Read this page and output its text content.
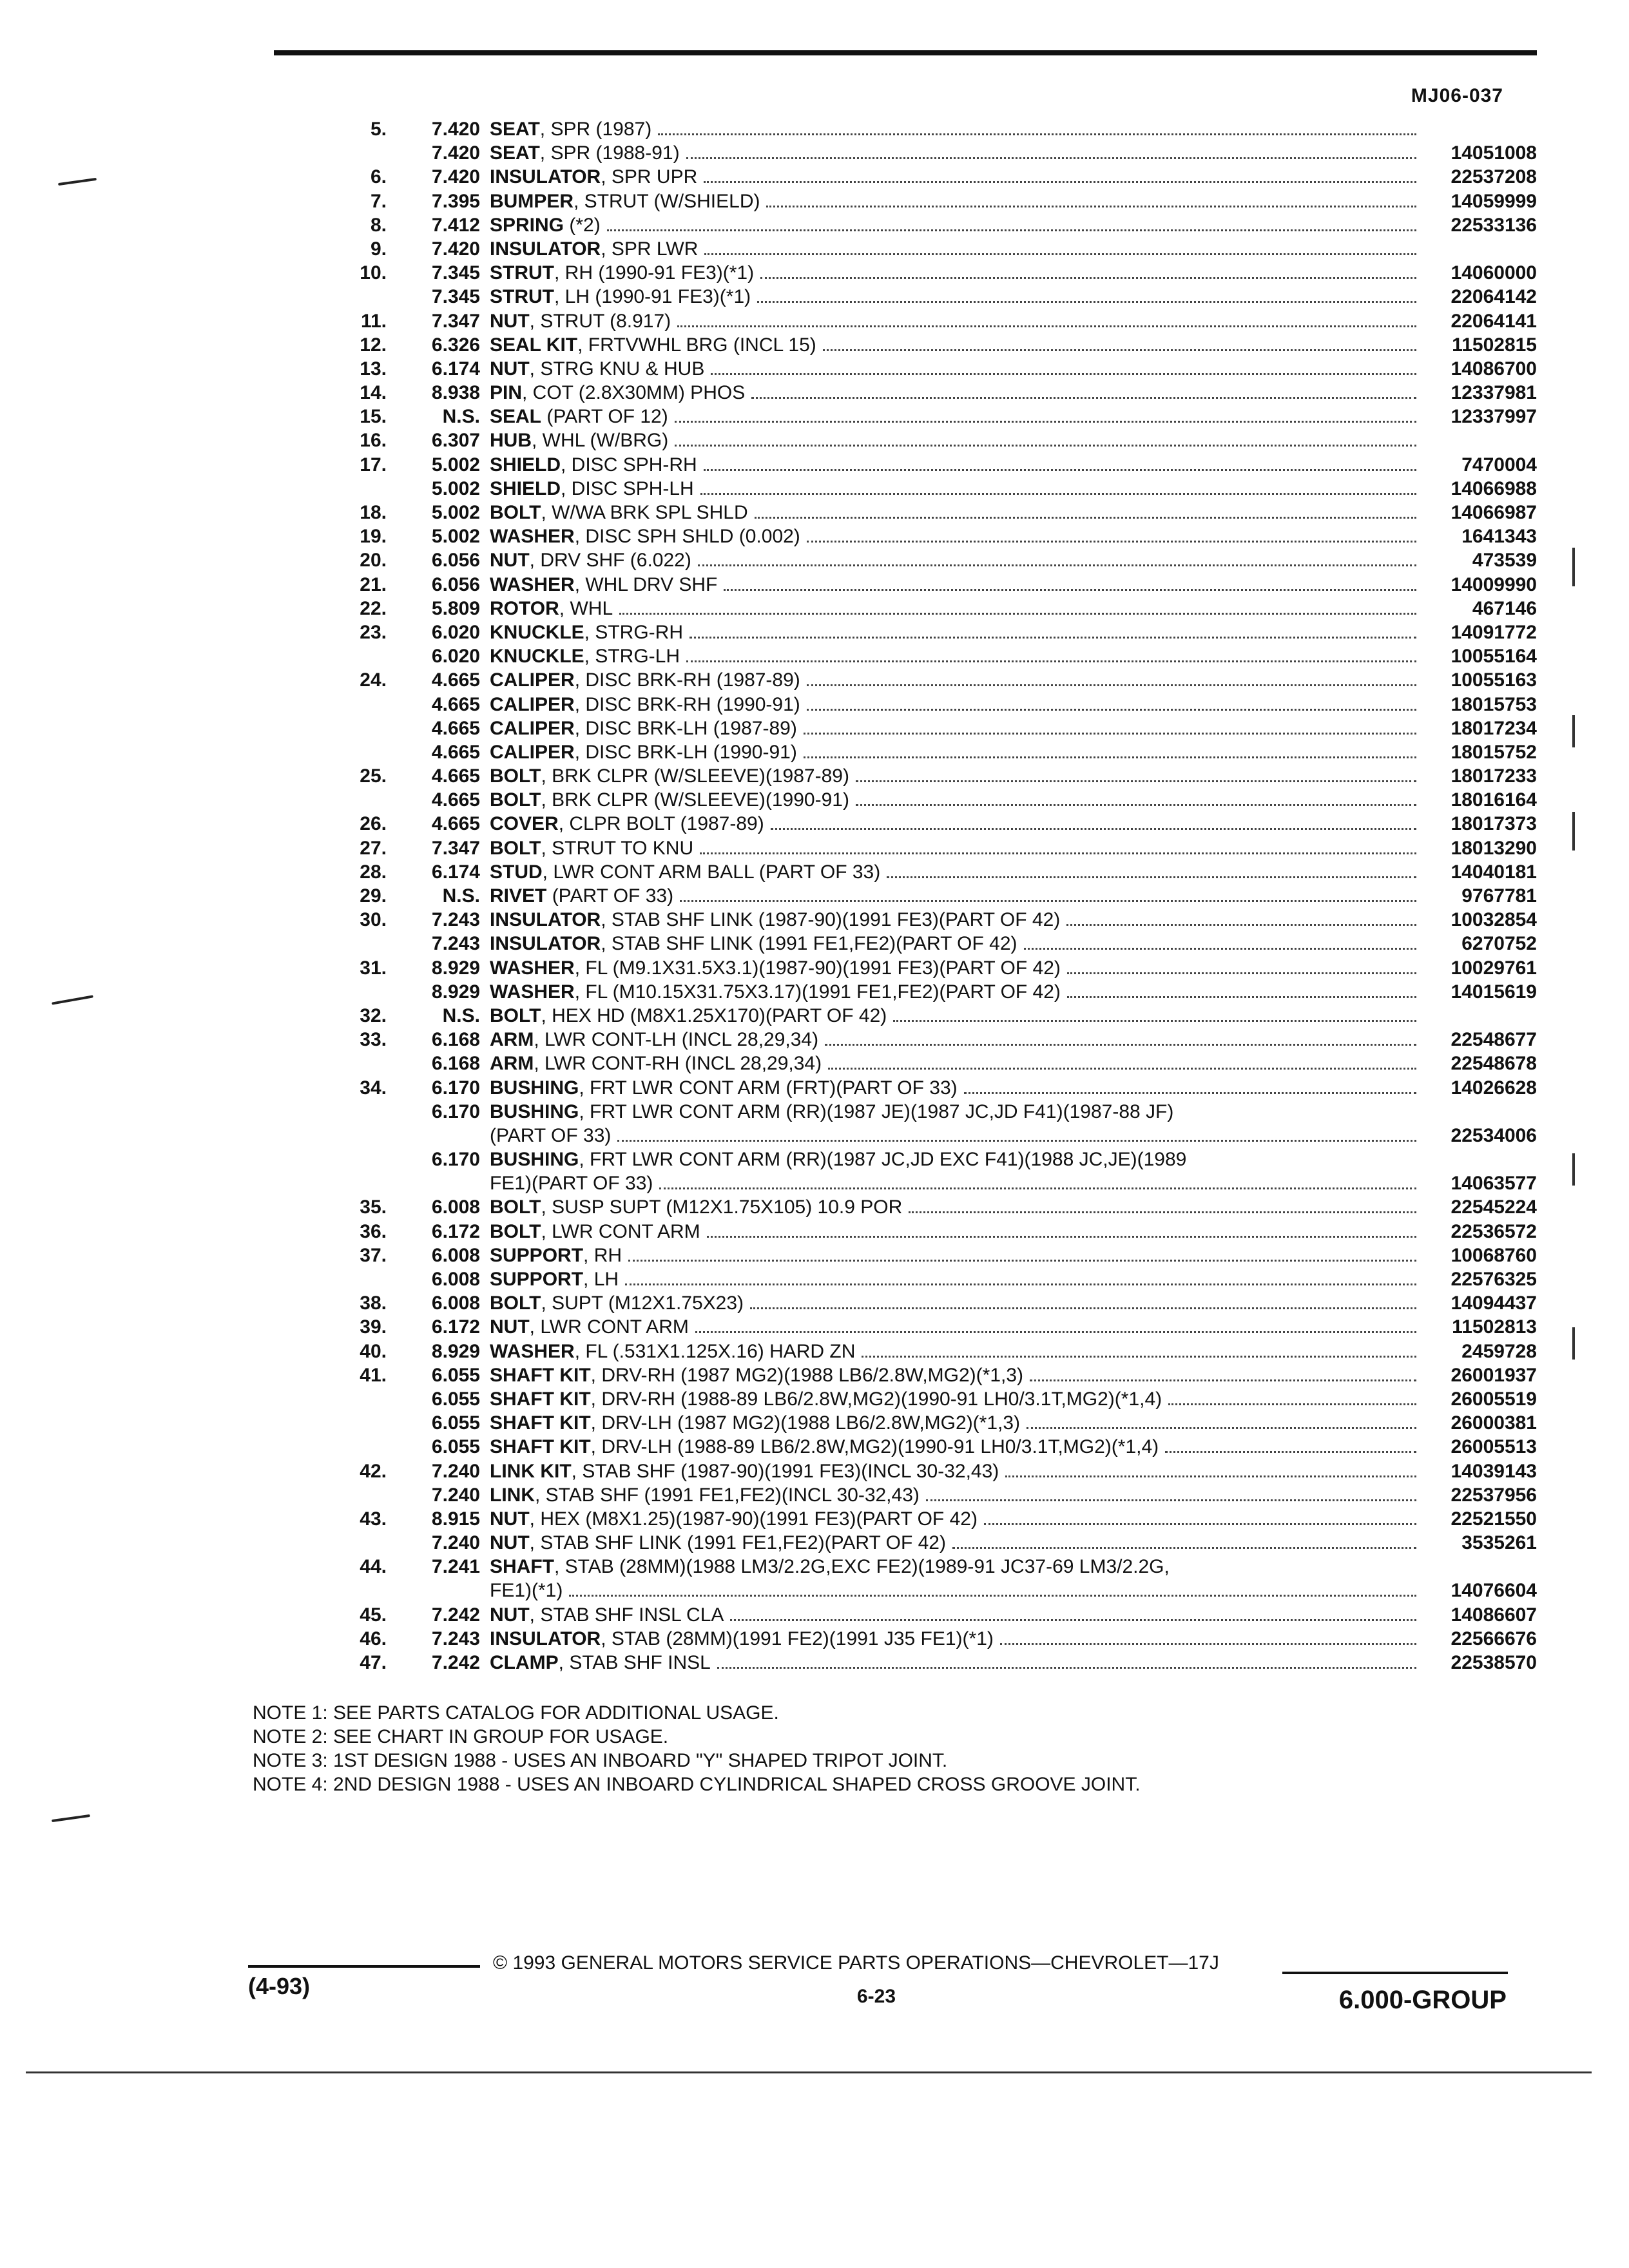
MJ06-037
5.	7.420 SEAT, SPR (1987)
7.420 SEAT, SPR (1988-91)	14051008
6.	7.420 INSULATOR, SPR UPR	22537208
7.	7.395 BUMPER, STRUT (W/SHIELD)	14059999
8.	7.412 SPRING (*2)	22533136
9.	7.420 INSULATOR, SPR LWR
10.	7.345 STRUT, RH (1990-91 FE3)(*1)	14060000
7.345 STRUT, LH (1990-91 FE3)(*1)	22064142
11.	7.347 NUT, STRUT (8.917)	22064141
12.	6.326 SEAL KIT, FRTVWHL BRG (INCL 15)	11502815
13.	6.174 NUT, STRG KNU & HUB	14086700
14.	8.938 PIN, COT (2.8X30MM) PHOS	12337981
15.	N.S. SEAL (PART OF 12)	12337997
16.	6.307 HUB, WHL (W/BRG)
17.	5.002 SHIELD, DISC SPH-RH	7470004
5.002 SHIELD, DISC SPH-LH	14066988
18.	5.002 BOLT, W/WA BRK SPL SHLD	14066987
19.	5.002 WASHER, DISC SPH SHLD (0.002)	1641343
20.	6.056 NUT, DRV SHF (6.022)	473539
21.	6.056 WASHER, WHL DRV SHF	14009990
22.	5.809 ROTOR, WHL	467146
23.	6.020 KNUCKLE, STRG-RH	14091772
6.020 KNUCKLE, STRG-LH	10055164
24.	4.665 CALIPER, DISC BRK-RH (1987-89)	10055163
4.665 CALIPER, DISC BRK-RH (1990-91)	18015753
4.665 CALIPER, DISC BRK-LH (1987-89)	18017234
4.665 CALIPER, DISC BRK-LH (1990-91)	18015752
25.	4.665 BOLT, BRK CLPR (W/SLEEVE)(1987-89)	18017233
4.665 BOLT, BRK CLPR (W/SLEEVE)(1990-91)	18016164
26.	4.665 COVER, CLPR BOLT (1987-89)	18017373
27.	7.347 BOLT, STRUT TO KNU	18013290
28.	6.174 STUD, LWR CONT ARM BALL (PART OF 33)	14040181
29.	N.S. RIVET (PART OF 33)	9767781
30.	7.243 INSULATOR, STAB SHF LINK (1987-90)(1991 FE3)(PART OF 42)	10032854
7.243 INSULATOR, STAB SHF LINK (1991 FE1,FE2)(PART OF 42)	6270752
31.	8.929 WASHER, FL (M9.1X31.5X3.1)(1987-90)(1991 FE3)(PART OF 42)	10029761
8.929 WASHER, FL (M10.15X31.75X3.17)(1991 FE1,FE2)(PART OF 42)	14015619
32.	N.S. BOLT, HEX HD (M8X1.25X170)(PART OF 42)
33.	6.168 ARM, LWR CONT-LH (INCL 28,29,34)	22548677
6.168 ARM, LWR CONT-RH (INCL 28,29,34)	22548678
34.	6.170 BUSHING, FRT LWR CONT ARM (FRT)(PART OF 33)	14026628
6.170 BUSHING, FRT LWR CONT ARM (RR)(1987 JE)(1987 JC,JD F41)(1987-88 JF)
(PART OF 33)	22534006
6.170 BUSHING, FRT LWR CONT ARM (RR)(1987 JC,JD EXC F41)(1988 JC,JE)(1989
FE1)(PART OF 33)	14063577
35.	6.008 BOLT, SUSP SUPT (M12X1.75X105) 10.9 POR	22545224
36.	6.172 BOLT, LWR CONT ARM	22536572
37.	6.008 SUPPORT, RH	10068760
6.008 SUPPORT, LH	22576325
38.	6.008 BOLT, SUPT (M12X1.75X23)	14094437
39.	6.172 NUT, LWR CONT ARM	11502813
40.	8.929 WASHER, FL (.531X1.125X.16) HARD ZN	2459728
41.	6.055 SHAFT KIT, DRV-RH (1987 MG2)(1988 LB6/2.8W,MG2)(*1,3)	26001937
6.055 SHAFT KIT, DRV-RH (1988-89 LB6/2.8W,MG2)(1990-91 LH0/3.1T,MG2)(*1,4)	26005519
6.055 SHAFT KIT, DRV-LH (1987 MG2)(1988 LB6/2.8W,MG2)(*1,3)	26000381
6.055 SHAFT KIT, DRV-LH (1988-89 LB6/2.8W,MG2)(1990-91 LH0/3.1T,MG2)(*1,4)	26005513
42.	7.240 LINK KIT, STAB SHF (1987-90)(1991 FE3)(INCL 30-32,43)	14039143
7.240 LINK, STAB SHF (1991 FE1,FE2)(INCL 30-32,43)	22537956
43.	8.915 NUT, HEX (M8X1.25)(1987-90)(1991 FE3)(PART OF 42)	22521550
7.240 NUT, STAB SHF LINK (1991 FE1,FE2)(PART OF 42)	3535261
44.	7.241 SHAFT, STAB (28MM)(1988 LM3/2.2G,EXC FE2)(1989-91 JC37-69 LM3/2.2G,
FE1)(*1)	14076604
45.	7.242 NUT, STAB SHF INSL CLA	14086607
46.	7.243 INSULATOR, STAB (28MM)(1991 FE2)(1991 J35 FE1)(*1)	22566676
47.	7.242 CLAMP, STAB SHF INSL	22538570
NOTE 1: SEE PARTS CATALOG FOR ADDITIONAL USAGE.
NOTE 2: SEE CHART IN GROUP FOR USAGE.
NOTE 3: 1ST DESIGN 1988 - USES AN INBOARD "Y" SHAPED TRIPOT JOINT.
NOTE 4: 2ND DESIGN 1988 - USES AN INBOARD CYLINDRICAL SHAPED CROSS GROOVE JOINT.
(4-93)
© 1993 GENERAL MOTORS SERVICE PARTS OPERATIONS—CHEVROLET—17J
6-23	6.000-GROUP
